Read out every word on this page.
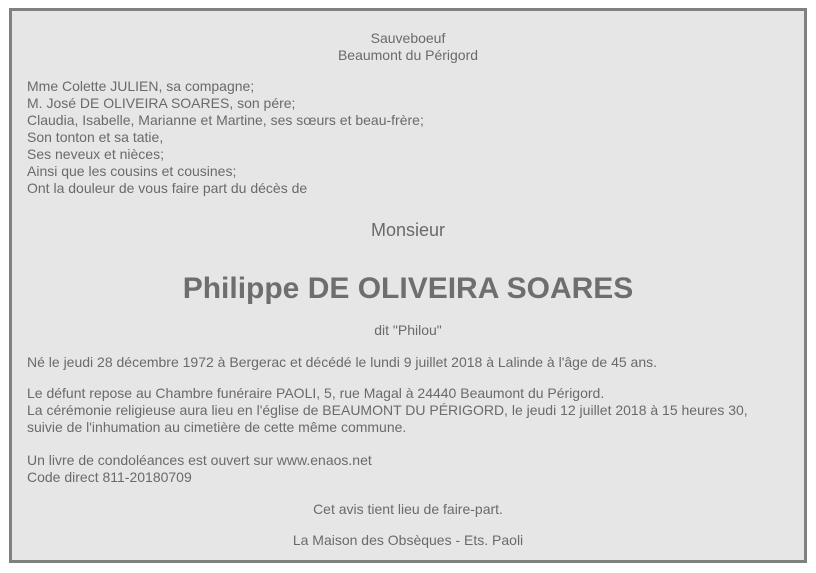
Sauveboeuf
Beaumont du Périgord
Mme Colette JULIEN, sa compagne;
M. José DE OLIVEIRA SOARES, son pére;
Claudia, Isabelle, Marianne et Martine, ses sœurs et beau-frère;
Son tonton et sa tatie,
Ses neveux et nièces;
Ainsi que les cousins et cousines;
Ont la douleur de vous faire part du décès de
Monsieur
Philippe DE OLIVEIRA SOARES
dit "Philou"
Né le jeudi 28 décembre 1972 à Bergerac et décédé le lundi 9 juillet 2018 à Lalinde à l'âge de 45 ans.
Le défunt repose au Chambre funéraire PAOLI, 5, rue Magal à 24440 Beaumont du Périgord.
La cérémonie religieuse aura lieu en l'église de BEAUMONT DU PÉRIGORD, le jeudi 12 juillet 2018 à 15 heures 30,
suivie de l'inhumation au cimetière de cette même commune.
Un livre de condoléances est ouvert sur www.enaos.net
Code direct 811-20180709
Cet avis tient lieu de faire-part.
La Maison des Obsèques - Ets. Paoli
